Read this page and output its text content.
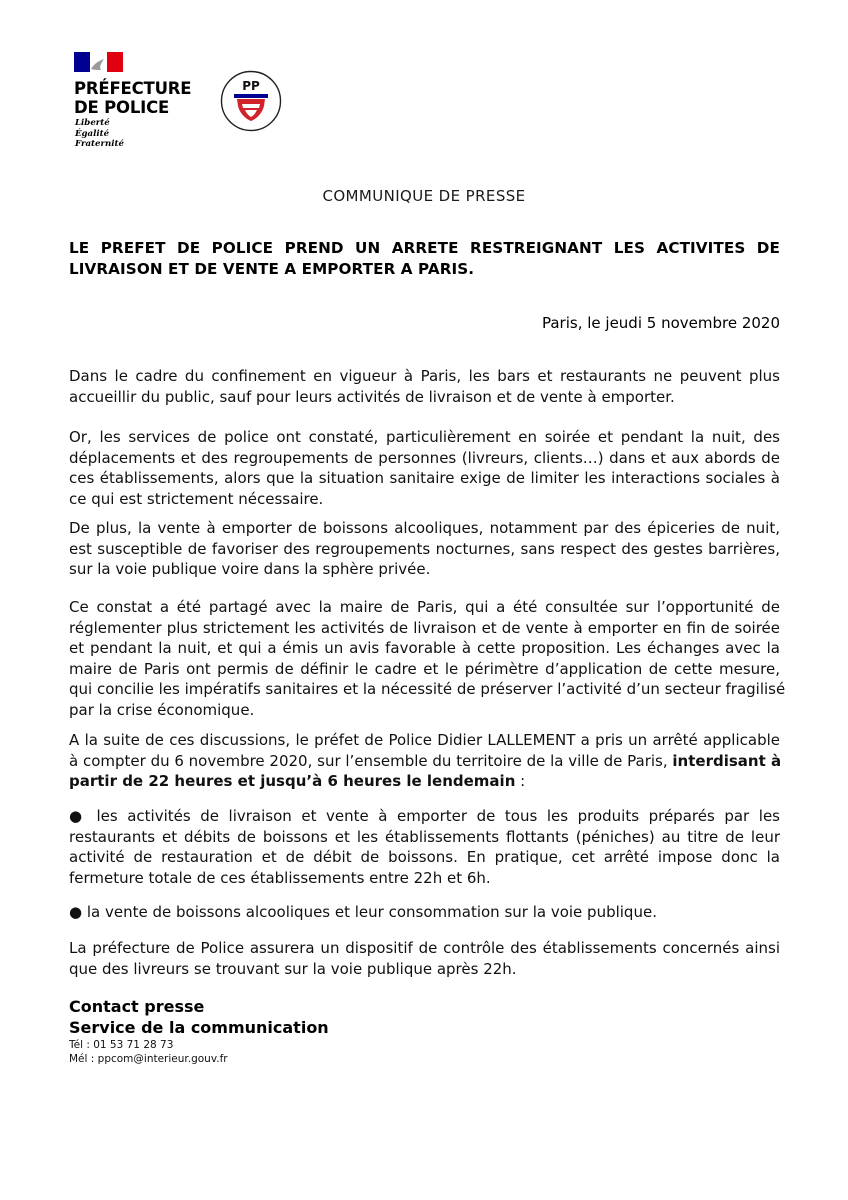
PRÉFECTURE
DE POLICE
Liberté
Égalité
Fraternité
PP
COMMUNIQUE DE PRESSE
LE PREFET DE POLICE PREND UN ARRETE RESTREIGNANT LES ACTIVITES DE
LIVRAISON ET DE VENTE A EMPORTER A PARIS.
Paris, le jeudi 5 novembre 2020
Dans le cadre du confinement en vigueur à Paris, les bars et restaurants ne peuvent plus
accueillir du public, sauf pour leurs activités de livraison et de vente à emporter.
Or, les services de police ont constaté, particulièrement en soirée et pendant la nuit, des
déplacements et des regroupements de personnes (livreurs, clients…) dans et aux abords de
ces établissements, alors que la situation sanitaire exige de limiter les interactions sociales à
ce qui est strictement nécessaire.
De plus, la vente à emporter de boissons alcooliques, notamment par des épiceries de nuit,
est susceptible de favoriser des regroupements nocturnes, sans respect des gestes barrières,
sur la voie publique voire dans la sphère privée.
Ce constat a été partagé avec la maire de Paris, qui a été consultée sur l’opportunité de
réglementer plus strictement les activités de livraison et de vente à emporter en fin de soirée
et pendant la nuit, et qui a émis un avis favorable à cette proposition. Les échanges avec la
maire de Paris ont permis de définir le cadre et le périmètre d’application de cette mesure,
qui concilie les impératifs sanitaires et la nécessité de préserver l’activité d’un secteur fragilisé
par la crise économique.
A la suite de ces discussions, le préfet de Police Didier LALLEMENT a pris un arrêté applicable
à compter du 6 novembre 2020, sur l’ensemble du territoire de la ville de Paris, interdisant à
partir de 22 heures et jusqu’à 6 heures le lendemain :
● les activités de livraison et vente à emporter de tous les produits préparés par les
restaurants et débits de boissons et les établissements flottants (péniches) au titre de leur
activité de restauration et de débit de boissons. En pratique, cet arrêté impose donc la
fermeture totale de ces établissements entre 22h et 6h.
● la vente de boissons alcooliques et leur consommation sur la voie publique.
La préfecture de Police assurera un dispositif de contrôle des établissements concernés ainsi
que des livreurs se trouvant sur la voie publique après 22h.
Contact presse
Service de la communication
Tél : 01 53 71 28 73
Mél : ppcom@interieur.gouv.fr
